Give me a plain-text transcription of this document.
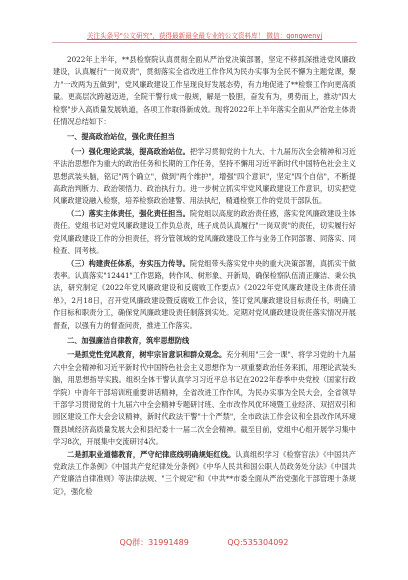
关注头条号"公文研究"，获得最新最全最专业的公文资料库！ 微信：gongwenyj

2022年上半年，**县检察院认真贯彻全面从严治党决策部署，坚定不移抓深推进党风廉政建设，认真履行"一岗双责"，贯彻落实全省改进工作作风为民办实事为全民不懈为主题党课，聚力"一改两为五做到"，党风廉政建设工作呈现良好发展态势，有力地促进了**检察工作向更高质量。更高层次跨越迈进，全院干警行成一般规，解是一股胆，奋发有为，勇势而上，推动"四大检察"步入高质量发展轨道，各项工作取得新成效。现将2022年上半年落实全面从严治党主体责任情况总结如下：

一、提高政治站位，强化责任担当

（一）强化理论武装，提高政治站位。把学习贯彻党的十九大、十九届历次全会精神和习近平法治思想作为重大的政治任务和长期的工作任务，坚持不懈用习近平新时代中国特色社会主义思想武装头脑，铭记"两个确立"，做到"两个维护"，增强"四个意识"，坚定"四个自信"，不断提高政治判断力、政治领悟力、政治执行力。进一步树立抓实牢党风廉政建设工作意识，切实把党风廉政建设融入检察，培养检察政治建警、用法执纪，精通检察工作的党员干部队伍。

（二）落实主体责任，强化责任担当。院党组以高度的政治责任感，落实党风廉政建设主体责任。党组书记对党风廉政建设工作负总责，班子成员认真履行"一岗双责"的责任，切实履行好党风廉政建设工作的分担责任，将分管领域的党风廉政建设工作与业务工作同部署、同落实、同检查、同考核。

（三）构建责任体系，夯实压力传导。院党组带头落实党中央的重大决策部署，真抓实干做表率。认真落实"12441"工作思路，转作风、树形象、开新局，确保检察队伍清正廉洁、秉公执法，研究制定《2022年党风廉政建设和反腐败工作要点》《2022年党风廉政建设主体责任清单》，2月18日，召开党风廉政建设暨反腐败工作会议，签订党风廉政建设目标责任书，明确工作目标和职责分工，确保党风廉政建设责任制落到实处。定期对党风廉政建设责任落实情况开展督查，以强有力的督查问责，推进工作落实。

二、加强廉洁自律教育，筑牢思想防线

一是抓党性党风教育，树牢宗旨意识和群众观念。充分利用"三会一课"、将学习党的十九届六中全会精神和习近平新时代中国特色社会主义思想作为一项重要政治任务来抓，用理论武装头脑，用思想指导实践。组织全体干警认真学习习近平总书记在2022年春季中央党校（国家行政学院）中青年干部培训班重要讲话精神，全省改进工作作风，为民办实事为全民大会，全省领导干部学习贯彻党的十九届六中全会精神专题研讨班、全市改作风优环境暨工业经济、双招双引和园区建设工作大会会议精神，新时代政法干警"十个严禁"，全市政法工作会议和全县改作风环境暨县域经济高质量发展大会和县纪委十一届二次全会精神。截至目前，党组中心组开展学习集中学习8次，开展集中交流研讨4次。

二是抓职业道德教育，严守纪律底线明确规矩红线。认真组织学习《检察官法》《中国共产党政法工作条例》《中国共产党纪律处分条例》《中华人民共和国公职人员政务处分法》《中国共产党廉洁自律准则》等法律法规、"三个规定"和《中共**市委全面从严治党强化干部管理十条规定》，强化检

QQ群：31991489	QQ:535304092
